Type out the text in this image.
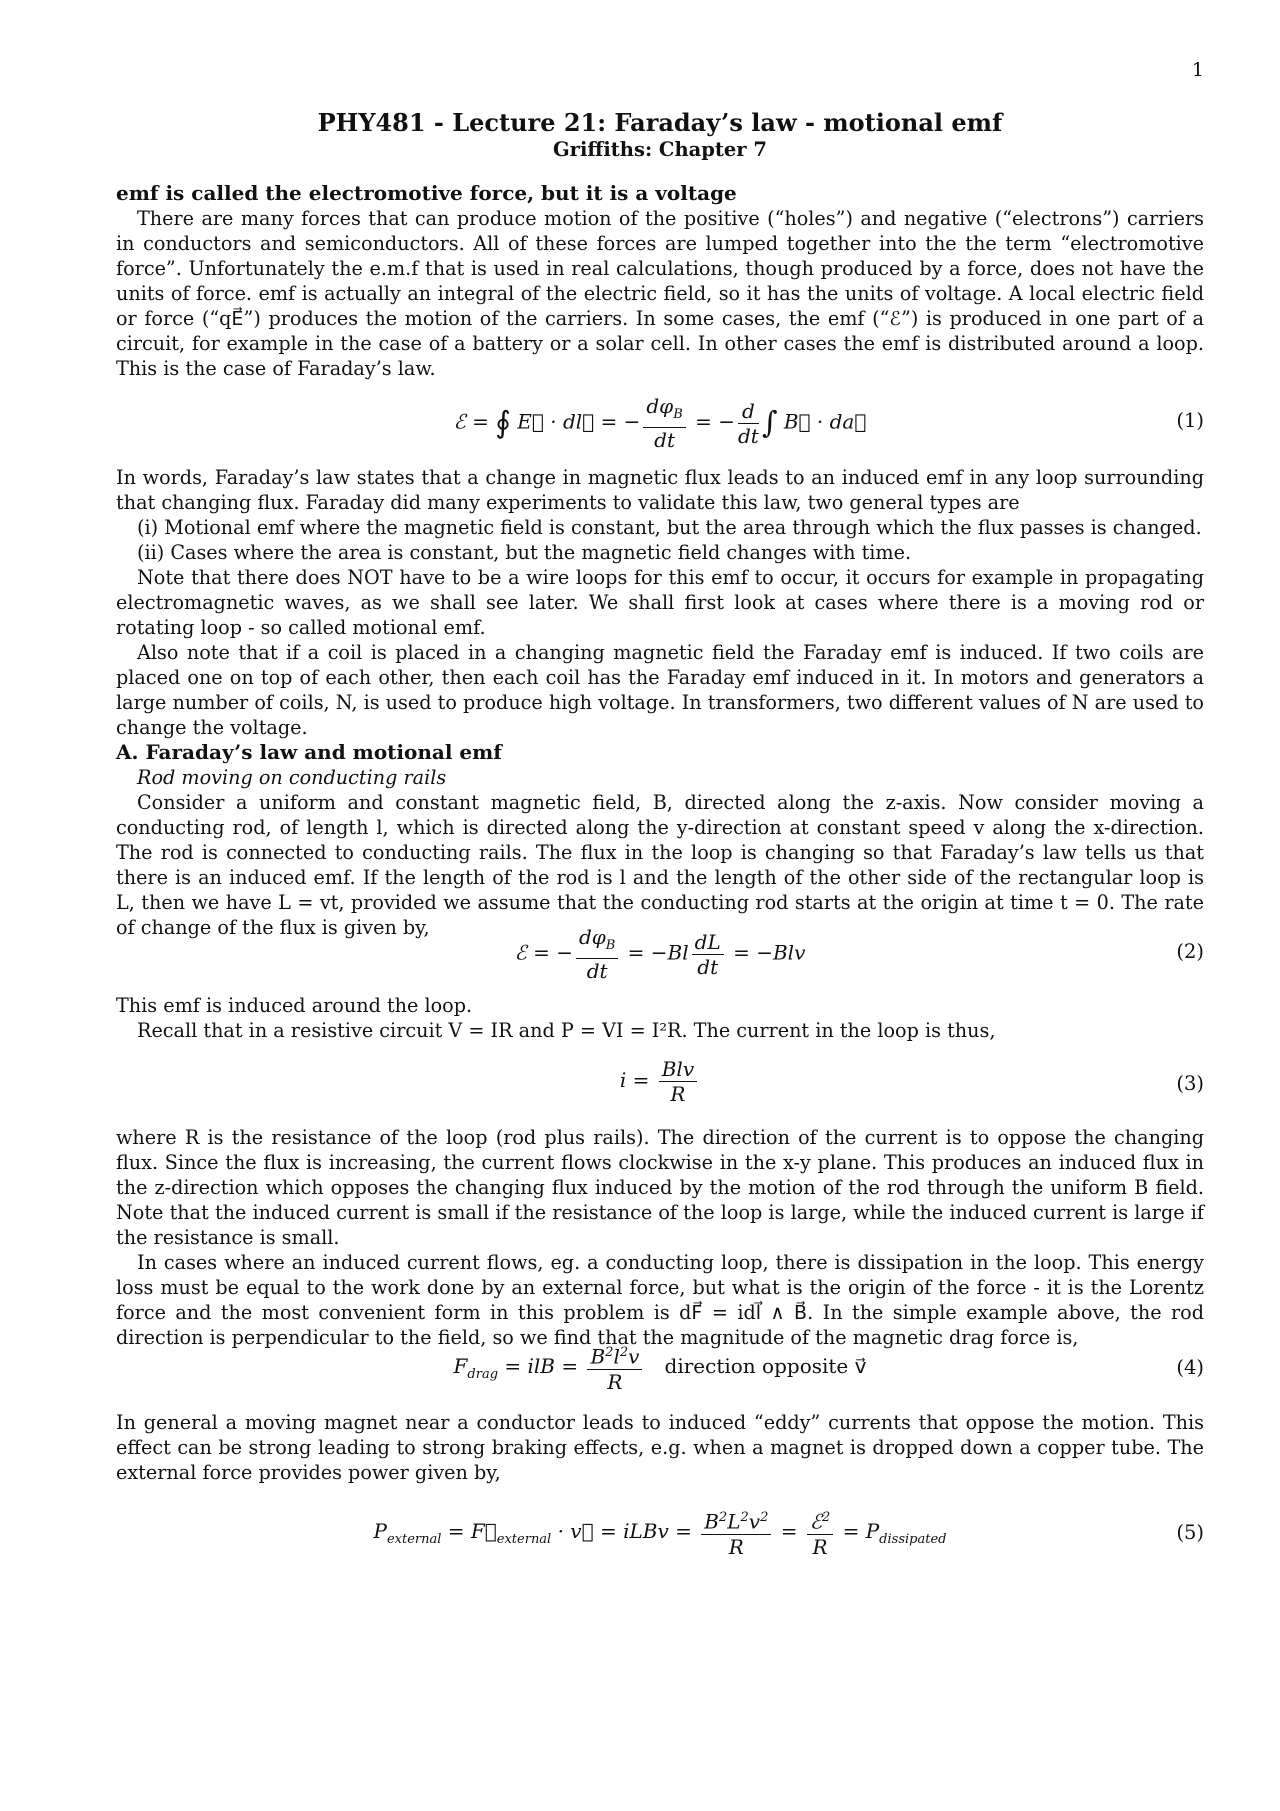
1
PHY481 - Lecture 21: Faraday’s law - motional emf
Griffiths: Chapter 7

emf is called the electromotive force, but it is a voltage

There are many forces that can produce motion of the positive (“holes”) and negative (“electrons”) carriers in conductors and semiconductors. All of these forces are lumped together into the the term “electromotive force”. Unfortunately the e.m.f that is used in real calculations, though produced by a force, does not have the units of force. emf is actually an integral of the electric field, so it has the units of voltage. A local electric field or force (“qE⃗”) produces the motion of the carriers. In some cases, the emf (“ℰ”) is produced in one part of a circuit, for example in the case of a battery or a solar cell. In other cases the emf is distributed around a loop. This is the case of Faraday’s law.

ℰ = ∮ E⃗ · dl⃗ = − $\frac{d\varphi_B}{dt}$ = − $\frac{d}{dt}$ ∫ B⃗ · da⃗	(1)

In words, Faraday’s law states that a change in magnetic flux leads to an induced emf in any loop surrounding that changing flux. Faraday did many experiments to validate this law, two general types are

(i) Motional emf where the magnetic field is constant, but the area through which the flux passes is changed.

(ii) Cases where the area is constant, but the magnetic field changes with time.

Note that there does NOT have to be a wire loops for this emf to occur, it occurs for example in propagating electromagnetic waves, as we shall see later. We shall first look at cases where there is a moving rod or rotating loop - so called motional emf.

Also note that if a coil is placed in a changing magnetic field the Faraday emf is induced. If two coils are placed one on top of each other, then each coil has the Faraday emf induced in it. In motors and generators a large number of coils, N, is used to produce high voltage. In transformers, two different values of N are used to change the voltage.

A. Faraday’s law and motional emf

Rod moving on conducting rails

Consider a uniform and constant magnetic field, B, directed along the z-axis. Now consider moving a conducting rod, of length l, which is directed along the y-direction at constant speed v along the x-direction. The rod is connected to conducting rails. The flux in the loop is changing so that Faraday’s law tells us that there is an induced emf. If the length of the rod is l and the length of the other side of the rectangular loop is L, then we have L = vt, provided we assume that the conducting rod starts at the origin at time t = 0. The rate of change of the flux is given by,

ℰ = − $\frac{d\varphi_B}{dt} = -Bl \frac{dL}{dt} = -Blv$	(2)

This emf is induced around the loop.

Recall that in a resistive circuit V = IR and P = VI = I²R. The current in the loop is thus,

$i = \frac{\text{Blv}}{R}$	(3)

where R is the resistance of the loop (rod plus rails). The direction of the current is to oppose the changing flux. Since the flux is increasing, the current flows clockwise in the x-y plane. This produces an induced flux in the z-direction which opposes the changing flux induced by the motion of the rod through the uniform B field. Note that the induced current is small if the resistance of the loop is large, while the induced current is large if the resistance is small.

In cases where an induced current flows, eg. a conducting loop, there is dissipation in the loop. This energy loss must be equal to the work done by an external force, but what is the origin of the force - it is the Lorentz force and the most convenient form in this problem is dF⃗ = idl⃗ ∧ B⃗. In the simple example above, the rod direction is perpendicular to the field, so we find that the magnitude of the magnetic drag force is,

$F_{drag}$ = ilB = $\frac{B^2l^2v}{R}$ direction opposite v⃗	(4)

In general a moving magnet near a conductor leads to induced “eddy” currents that oppose the motion. This effect can be strong leading to strong braking effects, e.g. when a magnet is dropped down a copper tube. The external force provides power given by,

$P_{external}$ = $F⃗_{external}$ · v⃗ = iLBv = $\frac{B^2L^2v^2}{R} = \frac{ℰ^2}{R} = P_{dissipated}$	(5)
